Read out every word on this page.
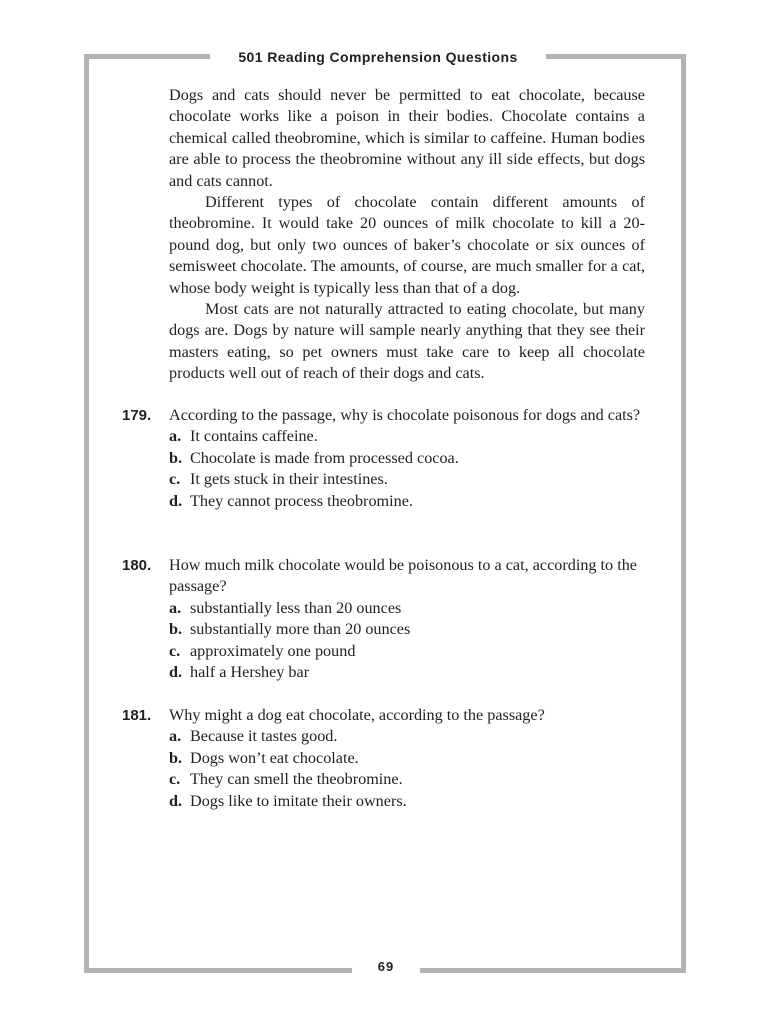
501 Reading Comprehension Questions

Dogs and cats should never be permitted to eat chocolate, because chocolate works like a poison in their bodies. Chocolate contains a chemical called theobromine, which is similar to caffeine. Human bodies are able to process the theobromine without any ill side effects, but dogs and cats cannot.

Different types of chocolate contain different amounts of theobromine. It would take 20 ounces of milk chocolate to kill a 20-pound dog, but only two ounces of baker’s chocolate or six ounces of semisweet chocolate. The amounts, of course, are much smaller for a cat, whose body weight is typically less than that of a dog.

Most cats are not naturally attracted to eating chocolate, but many dogs are. Dogs by nature will sample nearly anything that they see their masters eating, so pet owners must take care to keep all chocolate products well out of reach of their dogs and cats.

179. According to the passage, why is chocolate poisonous for dogs and cats?
a. It contains caffeine.
b. Chocolate is made from processed cocoa.
c. It gets stuck in their intestines.
d. They cannot process theobromine.
180. How much milk chocolate would be poisonous to a cat, according to the passage?
a. substantially less than 20 ounces
b. substantially more than 20 ounces
c. approximately one pound
d. half a Hershey bar
181. Why might a dog eat chocolate, according to the passage?
a. Because it tastes good.
b. Dogs won’t eat chocolate.
c. They can smell the theobromine.
d. Dogs like to imitate their owners.
69
